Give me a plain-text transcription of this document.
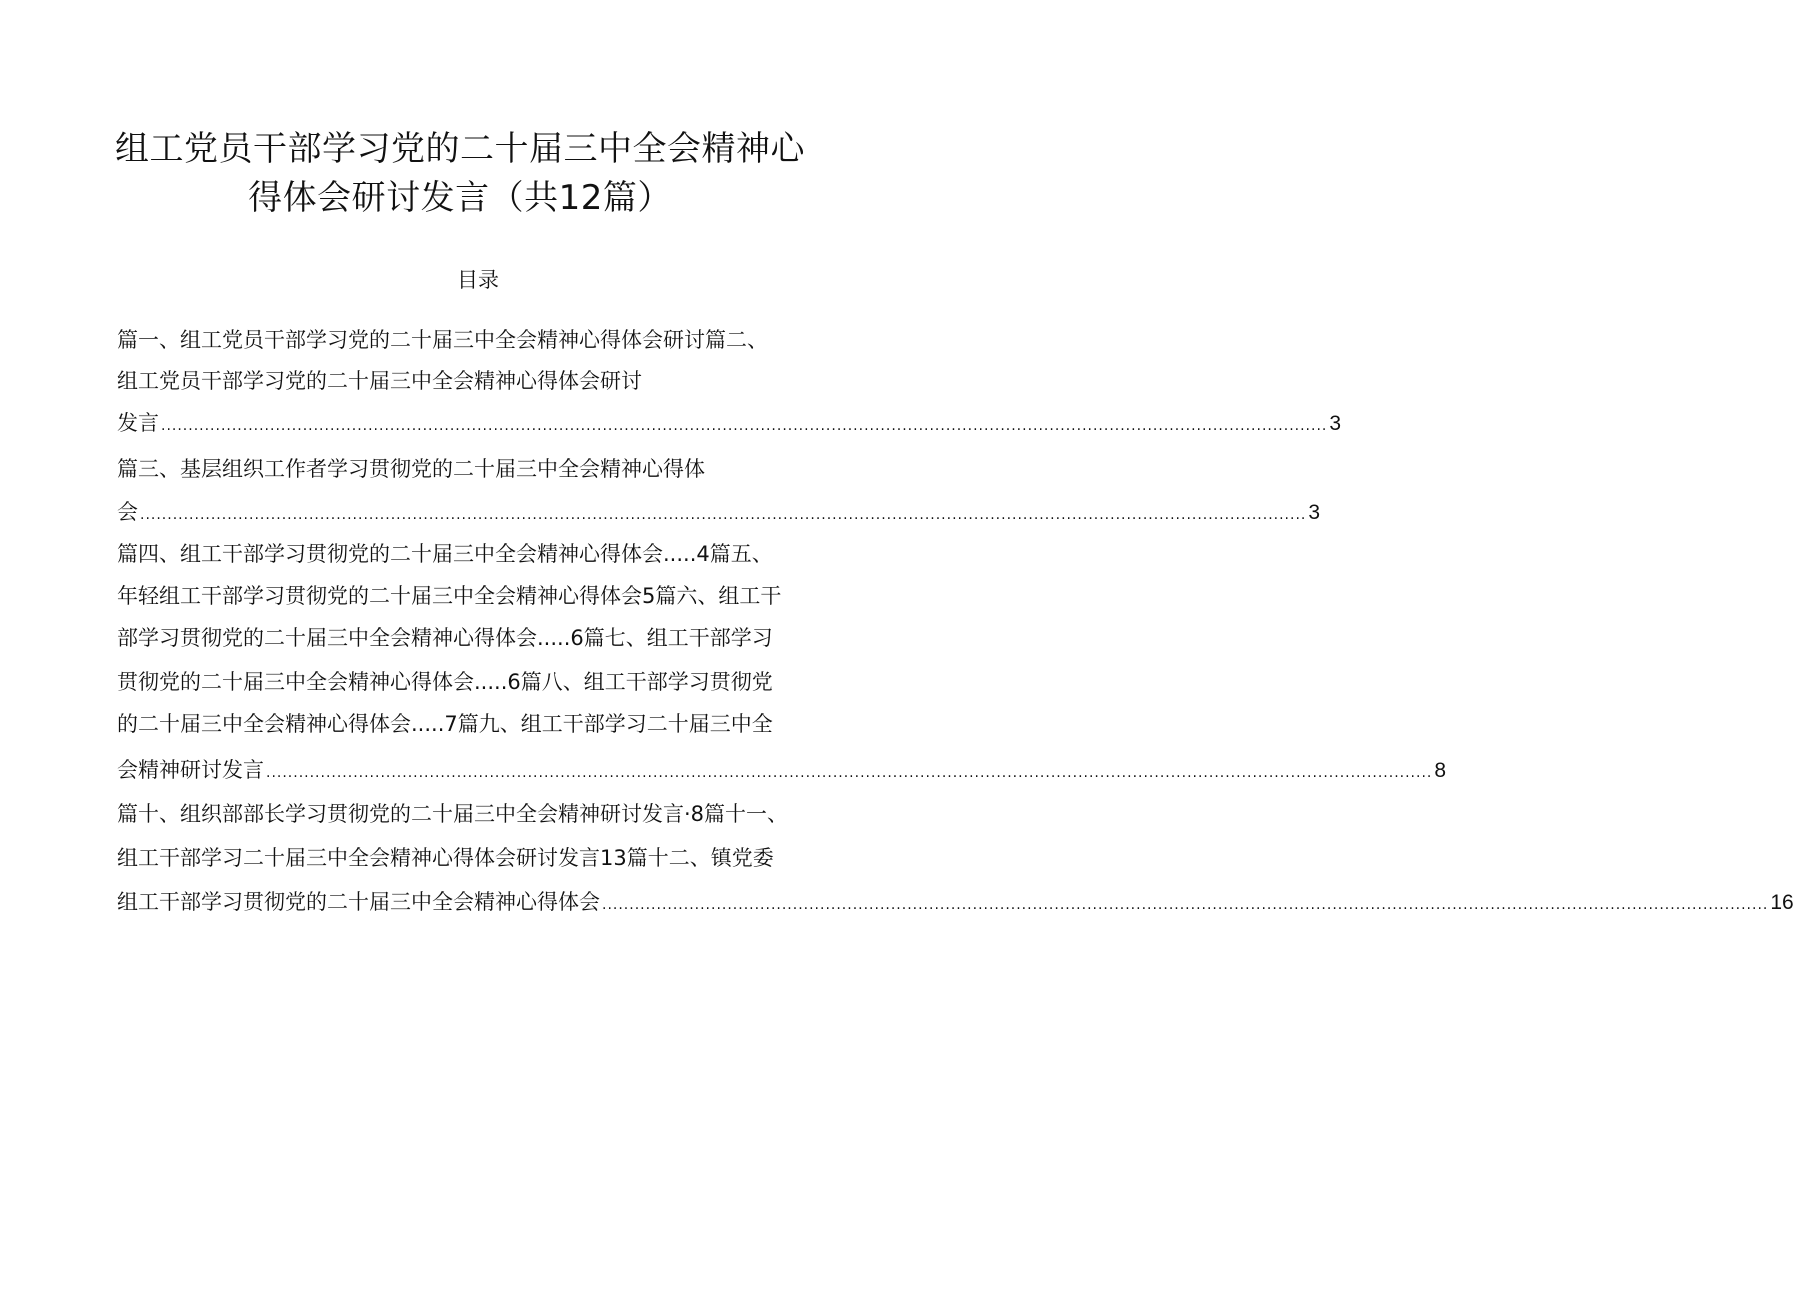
组工党员干部学习党的二十届三中全会精神心
得体会研讨发言（共12篇）
目录
篇一、组工党员干部学习党的二十届三中全会精神心得体会研讨篇二、
组工党员干部学习党的二十届三中全会精神心得体会研讨
发言 ...................................................................................................................................................................................................................... 3
篇三、基层组织工作者学习贯彻党的二十届三中全会精神心得体
会 ...................................................................................................................................................................................................................... 3
篇四、组工干部学习贯彻党的二十届三中全会精神心得体会.....4篇五、
年轻组工干部学习贯彻党的二十届三中全会精神心得体会5篇六、组工干
部学习贯彻党的二十届三中全会精神心得体会.....6篇七、组工干部学习
贯彻党的二十届三中全会精神心得体会.....6篇八、组工干部学习贯彻党
的二十届三中全会精神心得体会.....7篇九、组工干部学习二十届三中全
会精神研讨发言 ...................................................................................................................................................................................................................... 8
篇十、组织部部长学习贯彻党的二十届三中全会精神研讨发言·8篇十一、
组工干部学习二十届三中全会精神心得体会研讨发言13篇十二、镇党委
组工干部学习贯彻党的二十届三中全会精神心得体会 ...................................................................................................................................................................................................................... 16
